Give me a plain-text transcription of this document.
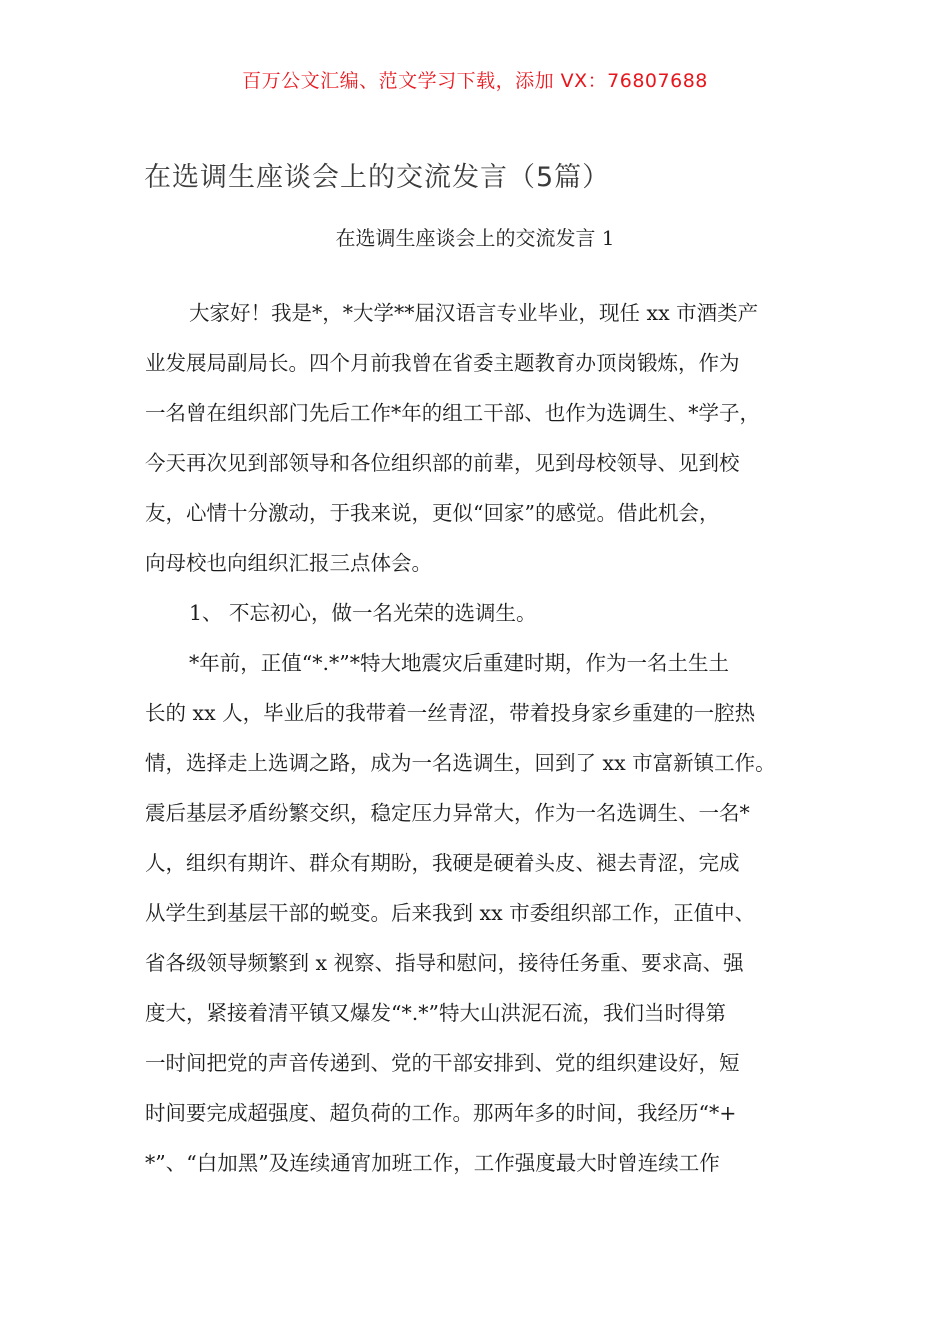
百万公文汇编、范文学习下载，添加 VX：76807688
在选调生座谈会上的交流发言（5篇）
在选调生座谈会上的交流发言 1
大家好！我是*，*大学**届汉语言专业毕业，现任 xx 市酒类产
业发展局副局长。四个月前我曾在省委主题教育办顶岗锻炼，作为
一名曾在组织部门先后工作*年的组工干部、也作为选调生、*学子，
今天再次见到部领导和各位组织部的前辈，见到母校领导、见到校
友，心情十分激动，于我来说，更似“回家”的感觉。借此机会，
向母校也向组织汇报三点体会。
1、 不忘初心，做一名光荣的选调生。
*年前，正值“*.*”*特大地震灾后重建时期，作为一名土生土
长的 xx 人，毕业后的我带着一丝青涩，带着投身家乡重建的一腔热
情，选择走上选调之路，成为一名选调生，回到了 xx 市富新镇工作。
震后基层矛盾纷繁交织，稳定压力异常大，作为一名选调生、一名*
人，组织有期许、群众有期盼，我硬是硬着头皮、褪去青涩，完成
从学生到基层干部的蜕变。后来我到 xx 市委组织部工作，正值中、
省各级领导频繁到 x 视察、指导和慰问，接待任务重、要求高、强
度大，紧接着清平镇又爆发“*.*”特大山洪泥石流，我们当时得第
一时间把党的声音传递到、党的干部安排到、党的组织建设好，短
时间要完成超强度、超负荷的工作。那两年多的时间，我经历“*+
*”、“白加黑”及连续通宵加班工作，工作强度最大时曾连续工作
